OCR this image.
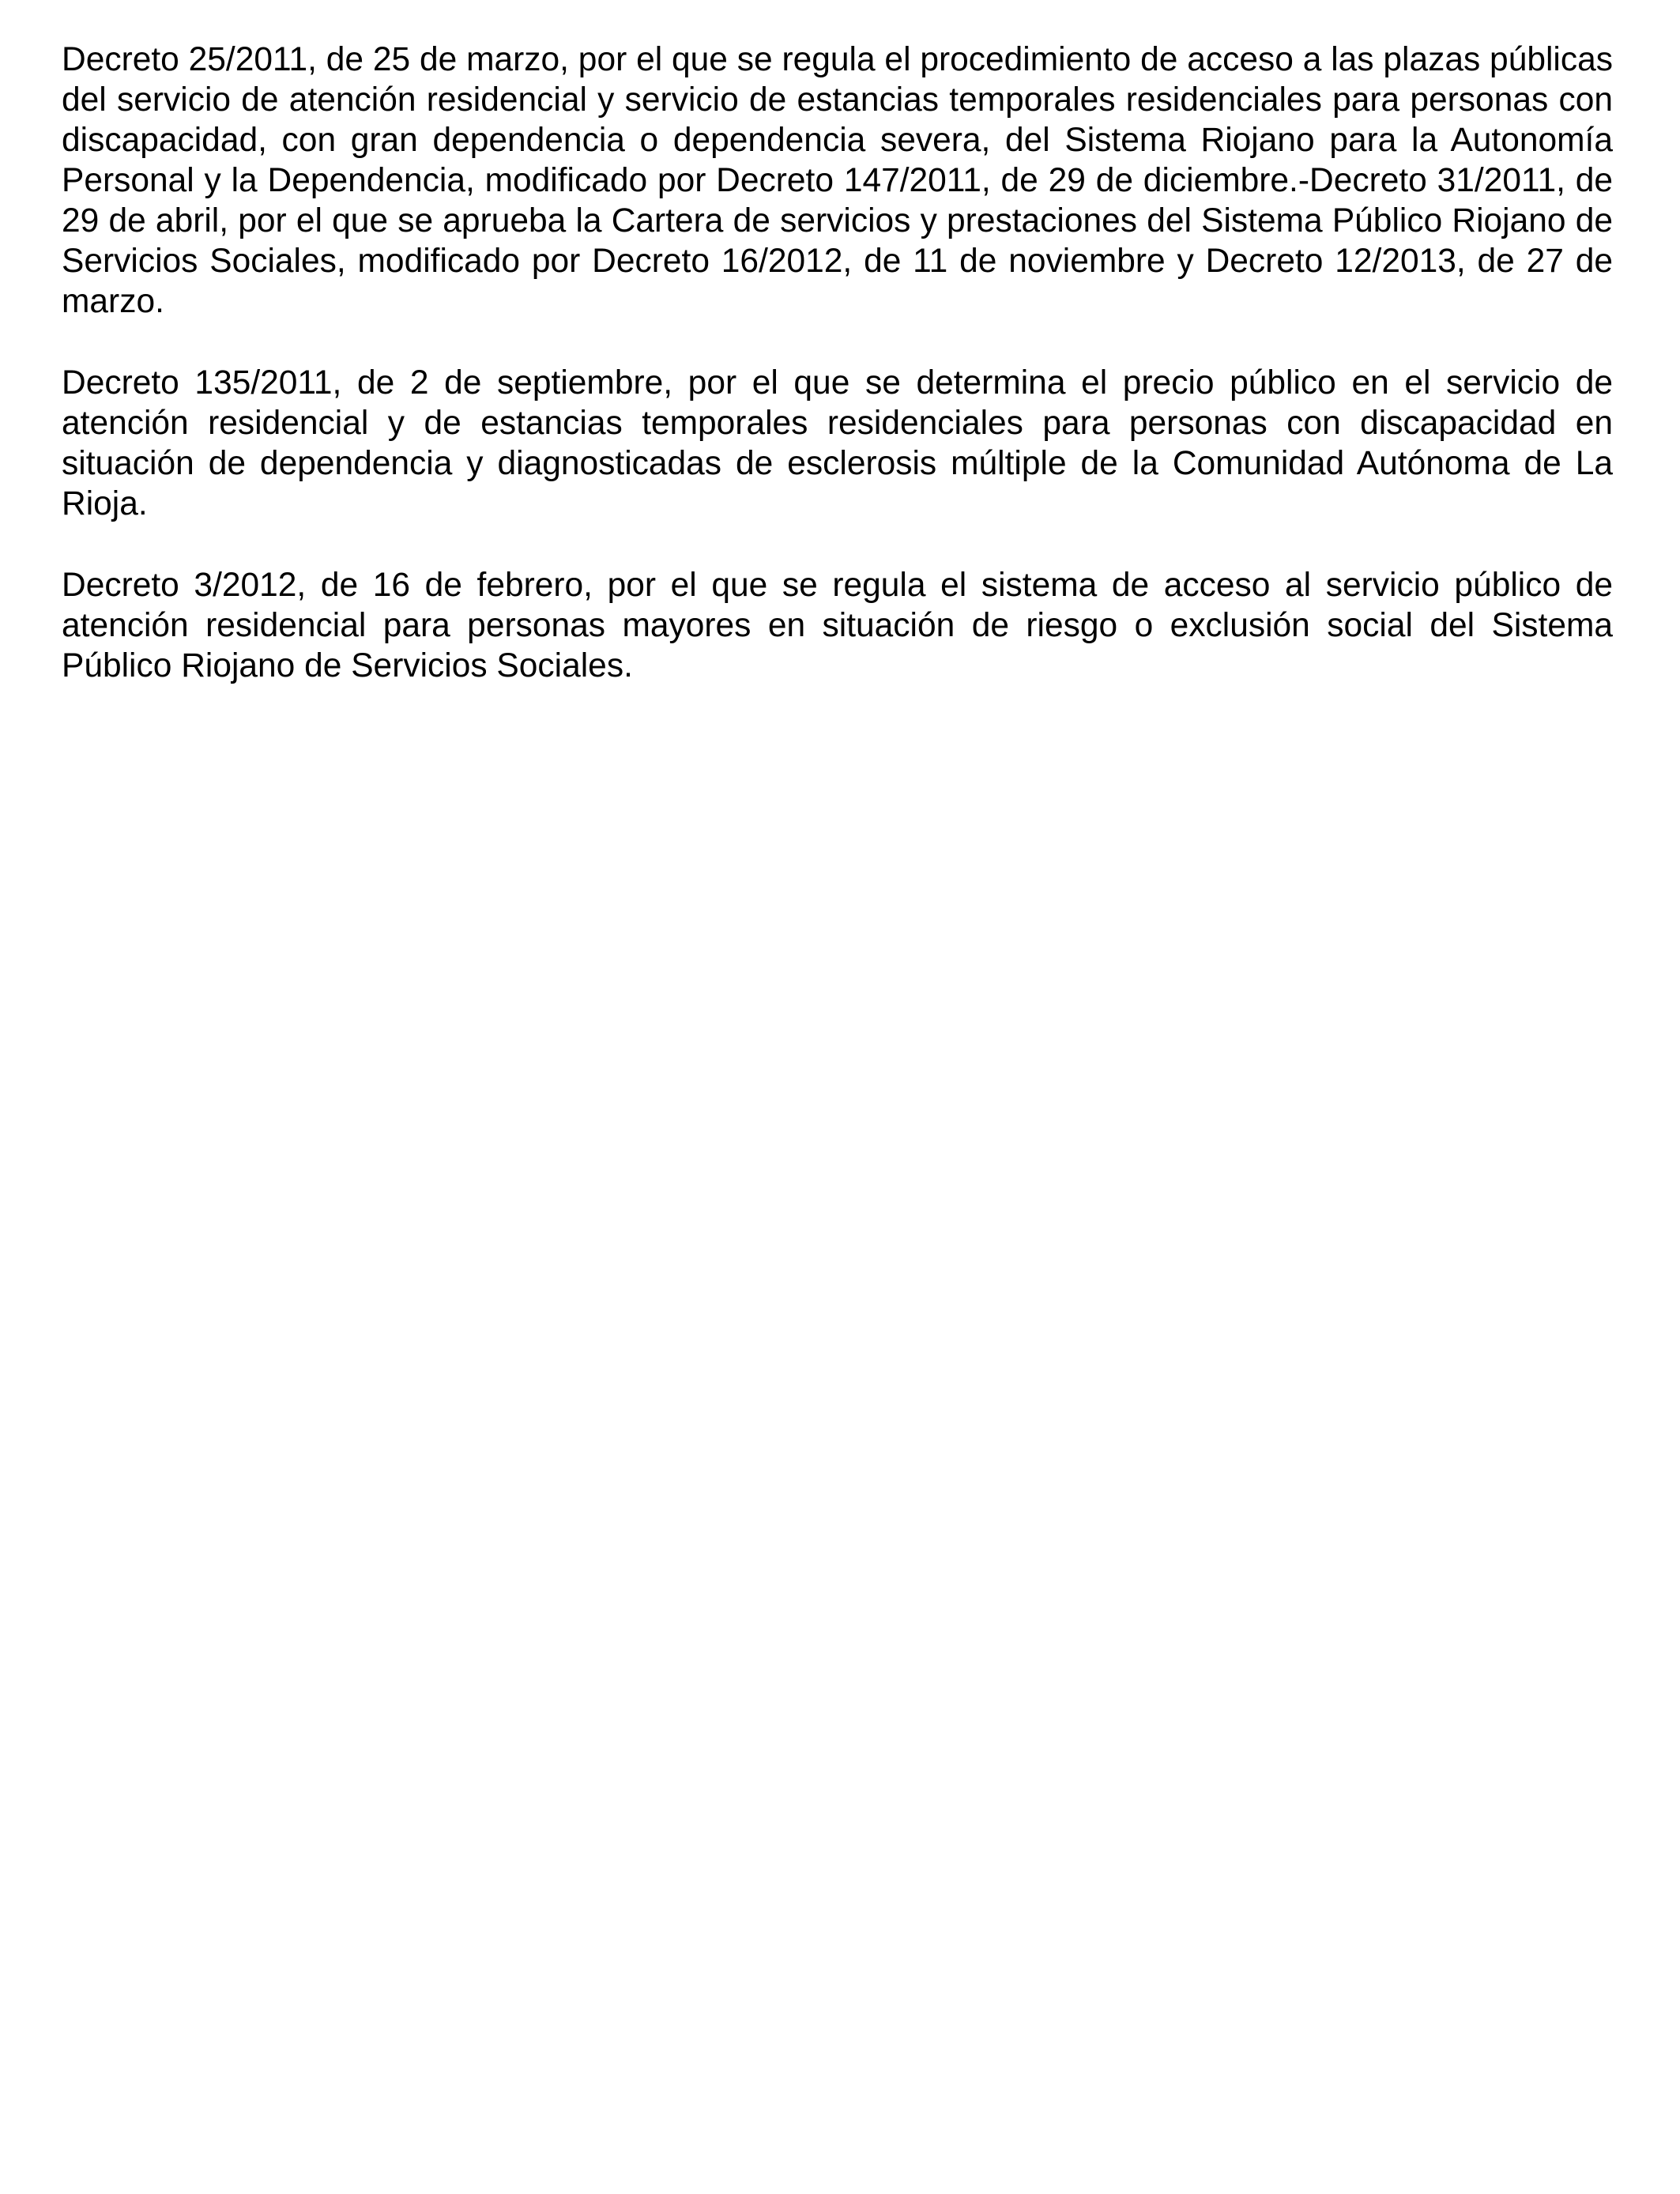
Decreto 25/2011, de 25 de marzo, por el que se regula el procedimiento de acceso a las plazas públicas del servicio de atención residencial y servicio de estancias temporales residenciales para personas con discapacidad, con gran dependencia o dependencia severa, del Sistema Riojano para la Autonomía Personal y la Dependencia, modificado por Decreto 147/2011, de 29 de diciembre.-Decreto 31/2011, de 29 de abril, por el que se aprueba la Cartera de servicios y prestaciones del Sistema Público Riojano de Servicios Sociales, modificado por Decreto 16/2012, de 11 de noviembre y Decreto 12/2013, de 27 de marzo.

Decreto 135/2011, de 2 de septiembre, por el que se determina el precio público en el servicio de atención residencial y de estancias temporales residenciales para personas con discapacidad en situación de dependencia y diagnosticadas de esclerosis múltiple de la Comunidad Autónoma de La Rioja.

Decreto 3/2012, de 16 de febrero, por el que se regula el sistema de acceso al servicio público de atención residencial para personas mayores en situación de riesgo o exclusión social del Sistema Público Riojano de Servicios Sociales.
